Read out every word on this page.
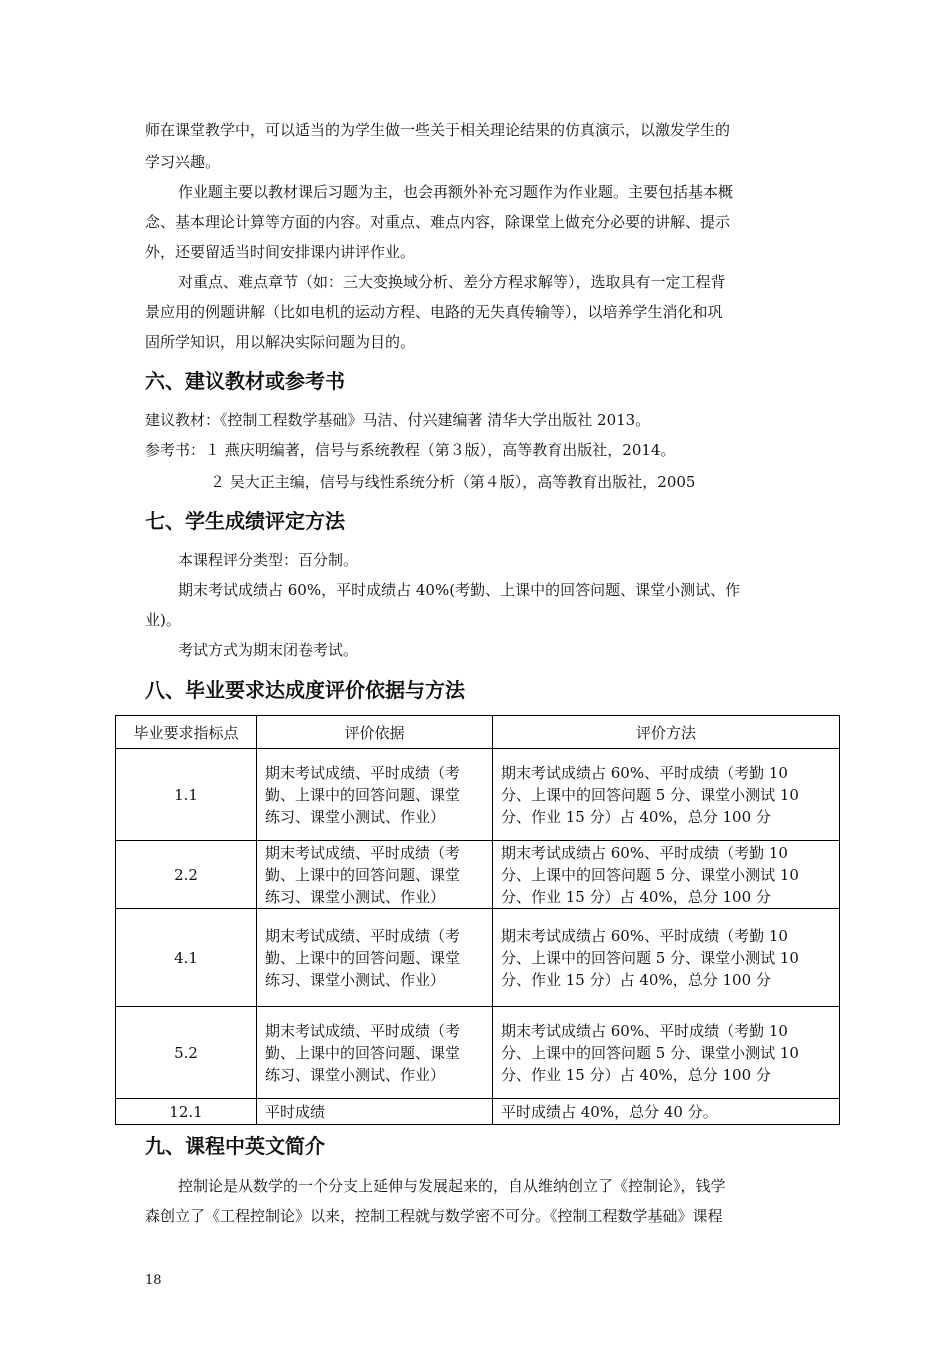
师在课堂教学中，可以适当的为学生做一些关于相关理论结果的仿真演示，以激发学生的
学习兴趣。
作业题主要以教材课后习题为主，也会再额外补充习题作为作业题。主要包括基本概
念、基本理论计算等方面的内容。对重点、难点内容，除课堂上做充分必要的讲解、提示
外，还要留适当时间安排课内讲评作业。
对重点、难点章节（如：三大变换域分析、差分方程求解等），选取具有一定工程背
景应用的例题讲解（比如电机的运动方程、电路的无失真传输等），以培养学生消化和巩
固所学知识，用以解决实际问题为目的。
六、建议教材或参考书
建议教材：《控制工程数学基础》马洁、付兴建编著 清华大学出版社 2013。
参考书：１ 燕庆明编著，信号与系统教程（第３版），高等教育出版社，2014。
２ 吴大正主编，信号与线性系统分析（第４版），高等教育出版社，2005
七、学生成绩评定方法
本课程评分类型：百分制。
期末考试成绩占 60%，平时成绩占 40%(考勤、上课中的回答问题、课堂小测试、作
业)。
考试方式为期末闭卷考试。
八、毕业要求达成度评价依据与方法
毕业要求指标点	评价依据	评价方法
1.1	期末考试成绩、平时成绩（考
勤、上课中的回答问题、课堂
练习、课堂小测试、作业）	期末考试成绩占 60%、平时成绩（考勤 10
分、上课中的回答问题 5 分、课堂小测试 10
分、作业 15 分）占 40%，总分 100 分

2.2	期末考试成绩、平时成绩（考
勤、上课中的回答问题、课堂
练习、课堂小测试、作业）	期末考试成绩占 60%、平时成绩（考勤 10
分、上课中的回答问题 5 分、课堂小测试 10
分、作业 15 分）占 40%，总分 100 分

4.1	期末考试成绩、平时成绩（考
勤、上课中的回答问题、课堂
练习、课堂小测试、作业）	期末考试成绩占 60%、平时成绩（考勤 10
分、上课中的回答问题 5 分、课堂小测试 10
分、作业 15 分）占 40%，总分 100 分

5.2	期末考试成绩、平时成绩（考
勤、上课中的回答问题、课堂
练习、课堂小测试、作业）	期末考试成绩占 60%、平时成绩（考勤 10
分、上课中的回答问题 5 分、课堂小测试 10
分、作业 15 分）占 40%，总分 100 分

12.1	平时成绩	平时成绩占 40%，总分 40 分。
九、课程中英文简介
控制论是从数学的一个分支上延伸与发展起来的，自从维纳创立了《控制论》，钱学
森创立了《工程控制论》以来，控制工程就与数学密不可分。《控制工程数学基础》课程
18
